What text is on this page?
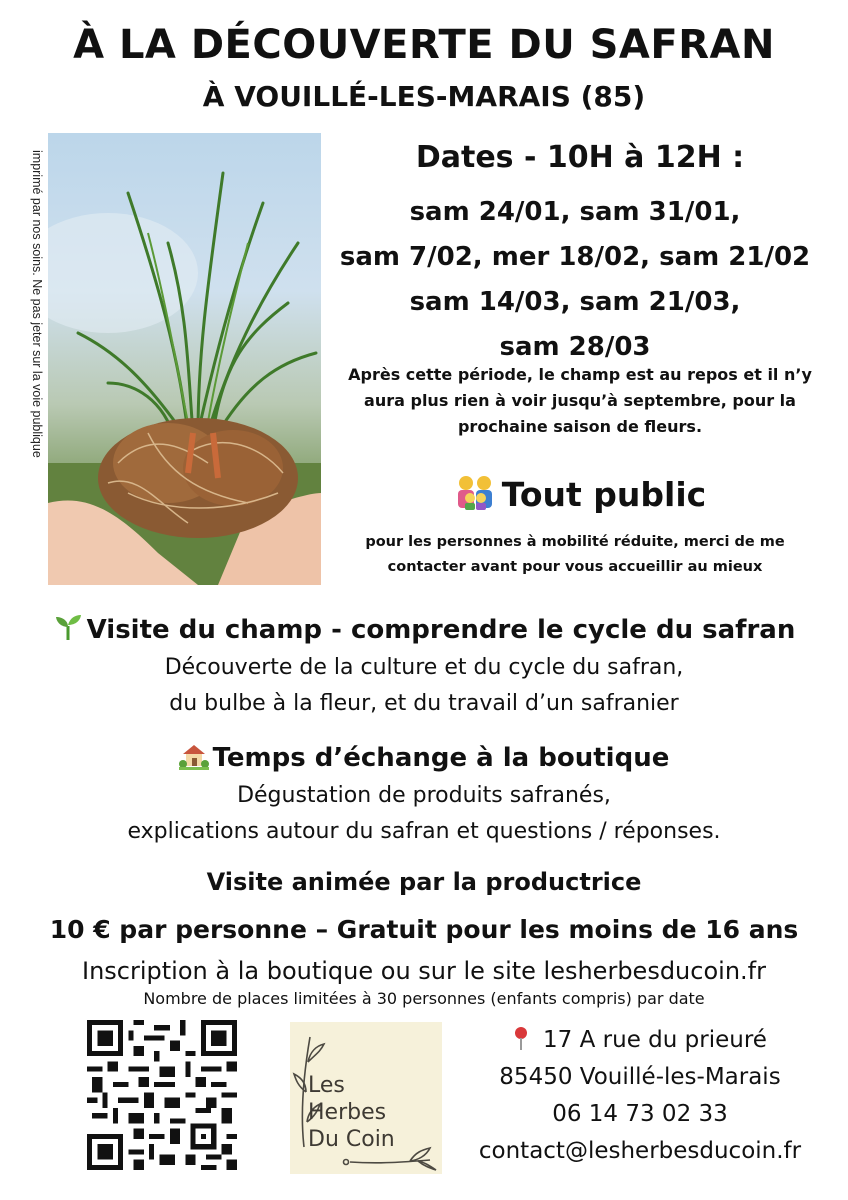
À LA DÉCOUVERTE DU SAFRAN
À VOUILLÉ-LES-MARAIS (85)
imprimé par nos soins. Ne pas jeter sur la voie publique	Dates - 10H à 12H :
sam 24/01, sam 31/01,
sam 7/02, mer 18/02, sam 21/02
sam 14/03, sam 21/03,
sam 28/03
Après cette période, le champ est au repos et il n’y aura plus rien à voir jusqu’à septembre, pour la prochaine saison de fleurs.
Tout public
pour les personnes à mobilité réduite, merci de me contacter avant pour vous accueillir au mieux
Visite du champ - comprendre le cycle du safran
Découverte de la culture et du cycle du safran,
du bulbe à la fleur, et du travail d’un safranier
Temps d’échange à la boutique
Dégustation de produits safranés,
explications autour du safran et questions / réponses.
Visite animée par la productrice
10 € par personne – Gratuit pour les moins de 16 ans
Inscription à la boutique ou sur le site lesherbesducoin.fr
Nombre de places limitées à 30 personnes (enfants compris) par date
Les
Herbes
Du Coin
17 A rue du prieuré
85450 Vouillé-les-Marais
06 14 73 02 33
contact@lesherbesducoin.fr
